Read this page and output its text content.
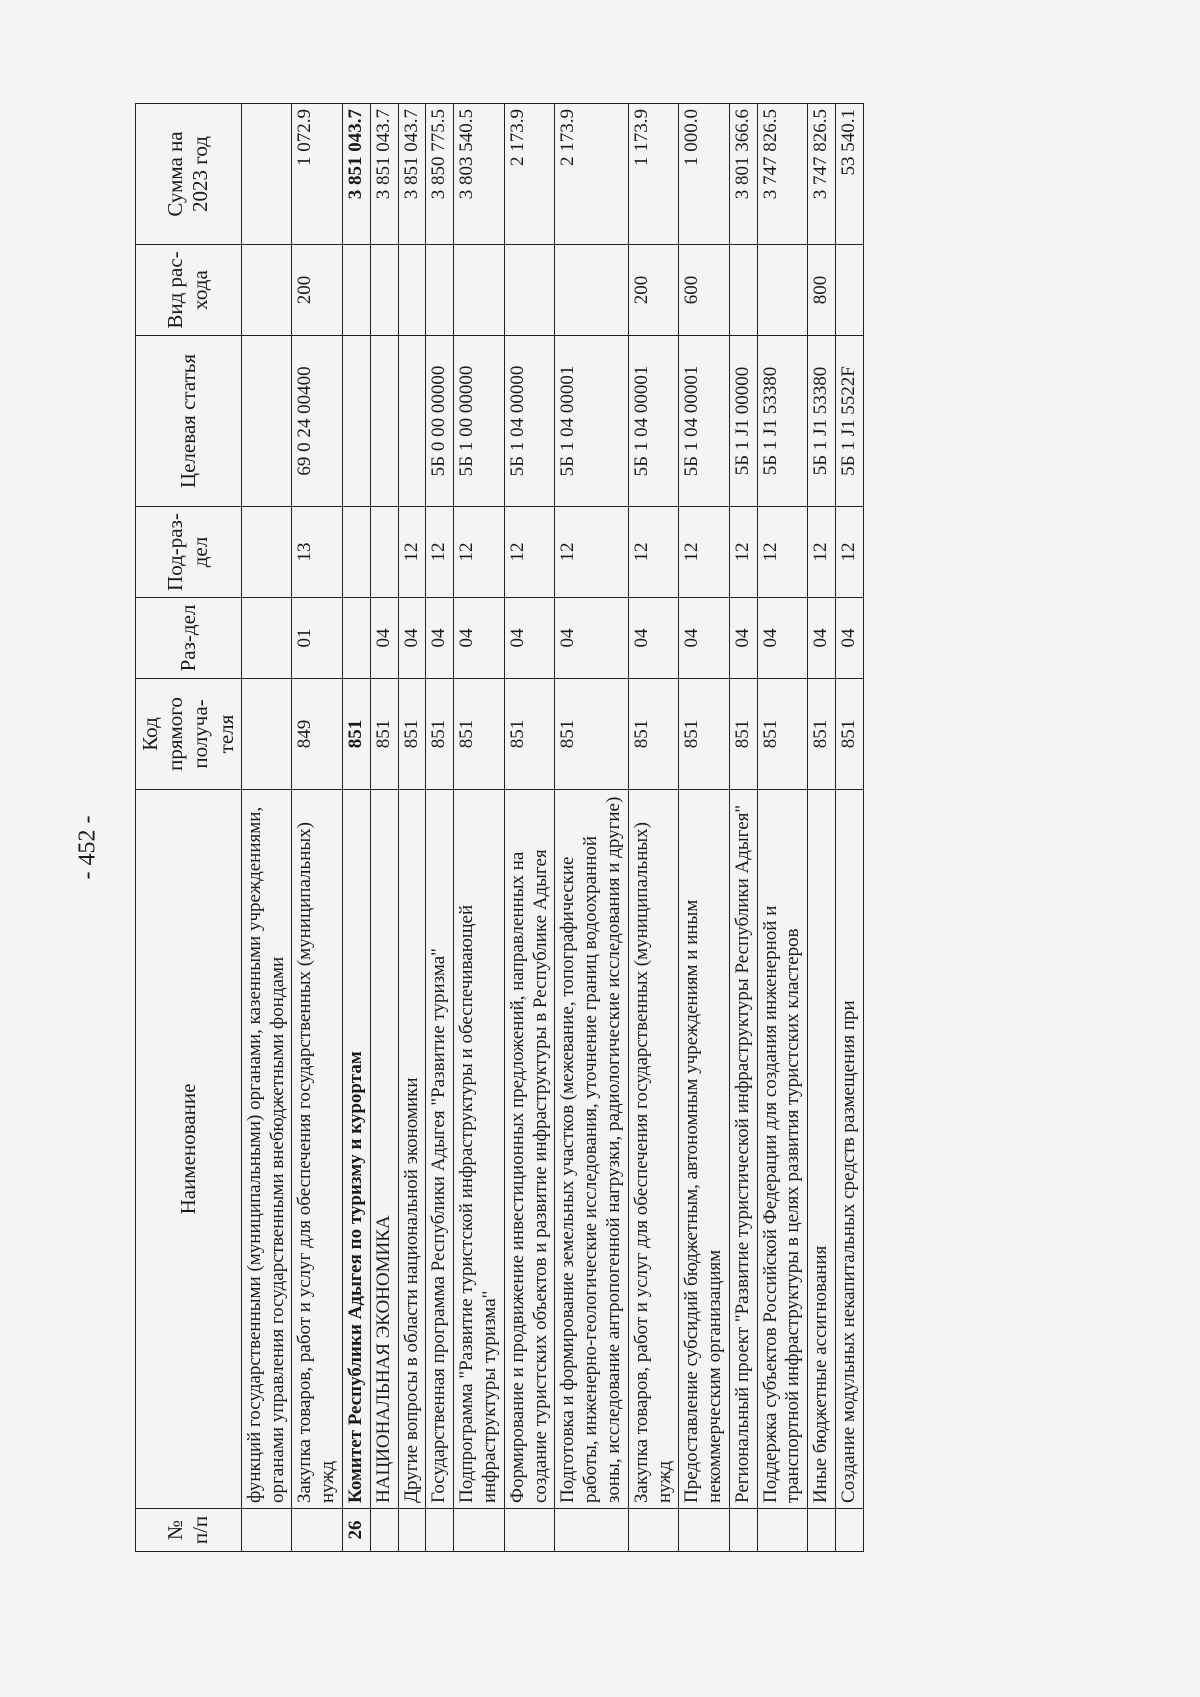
- 452 -
№ п/п	Наименование	Код прямого получа-теля	Раз-дел	Под-раз-дел	Целевая статья	Вид рас-хода	Сумма на 2023 год
	функций государственными (муниципальными) органами, казенными учреждениями, органами управления государственными внебюджетными фондами						
	Закупка товаров, работ и услуг для обеспечения государственных (муниципальных) нужд	849	01	13	69 0 24 00400	200	1 072.9
26	Комитет Республики Адыгея по туризму и курортам	851					3 851 043.7
	НАЦИОНАЛЬНАЯ ЭКОНОМИКА	851	04				3 851 043.7
	Другие вопросы в области национальной экономики	851	04	12			3 851 043.7
	Государственная программа Республики Адыгея "Развитие туризма"	851	04	12	5Б 0 00 00000		3 850 775.5
	Подпрограмма "Развитие туристской инфраструктуры и обеспечивающей инфраструктуры туризма"	851	04	12	5Б 1 00 00000		3 803 540.5
	Формирование и продвижение инвестиционных предложений, направленных на создание туристских объектов и развитие инфраструктуры в Республике Адыгея	851	04	12	5Б 1 04 00000		2 173.9
	Подготовка и формирование земельных участков (межевание, топографические работы, инженерно-геологические исследования, уточнение границ водоохранной зоны, исследование антропогенной нагрузки, радиологические исследования и другие)	851	04	12	5Б 1 04 00001		2 173.9
	Закупка товаров, работ и услуг для обеспечения государственных (муниципальных) нужд	851	04	12	5Б 1 04 00001	200	1 173.9
	Предоставление субсидий бюджетным, автономным учреждениям и иным некоммерческим организациям	851	04	12	5Б 1 04 00001	600	1 000.0
	Региональный проект "Развитие туристической инфраструктуры Республики Адыгея"	851	04	12	5Б 1 J1 00000		3 801 366.6
	Поддержка субъектов Российской Федерации для создания инженерной и транспортной инфраструктуры в целях развития туристских кластеров	851	04	12	5Б 1 J1 53380		3 747 826.5
	Иные бюджетные ассигнования	851	04	12	5Б 1 J1 53380	800	3 747 826.5
	Создание модульных некапитальных средств размещения при	851	04	12	5Б 1 J1 5522F		53 540.1
